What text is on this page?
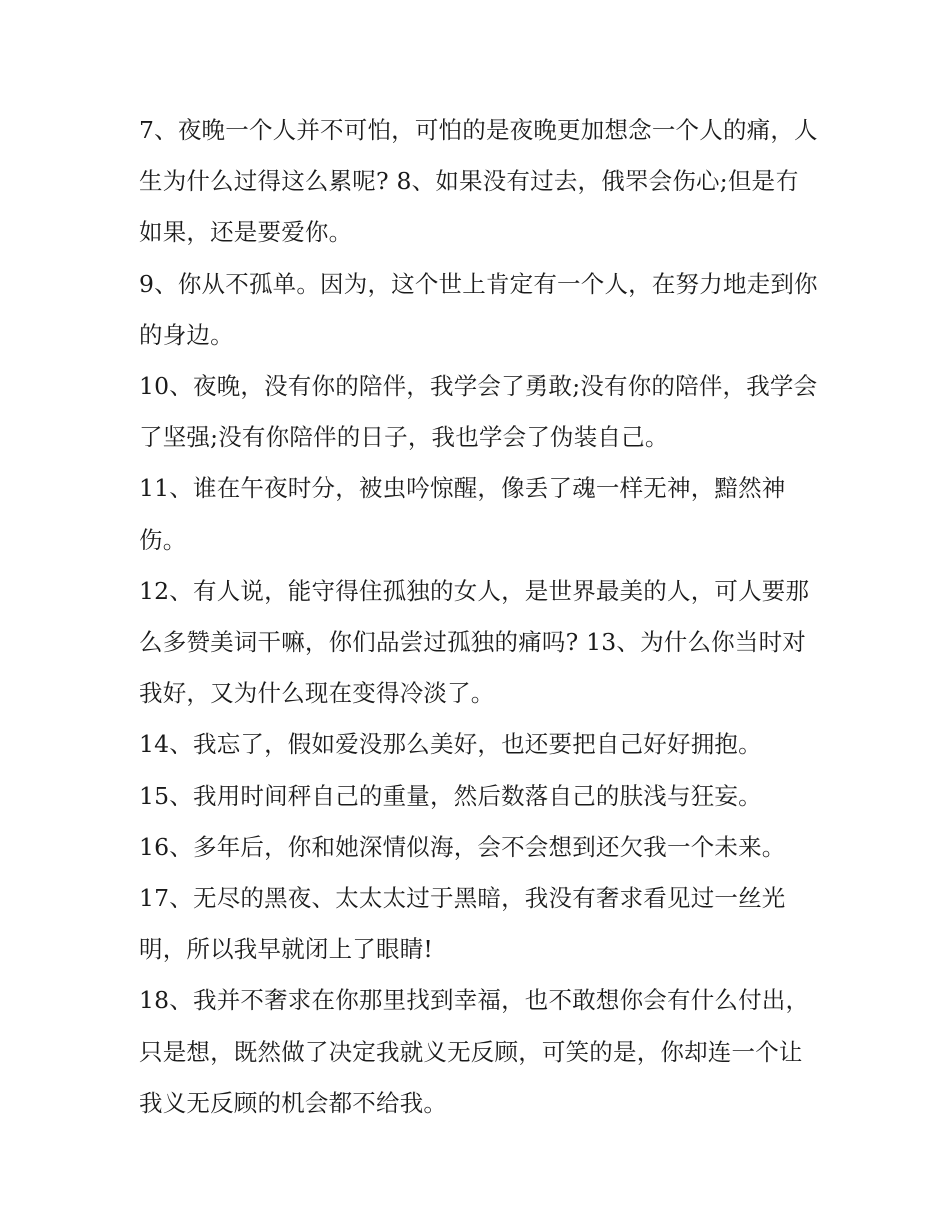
7、夜晚一个人并不可怕，可怕的是夜晚更加想念一个人的痛，人生为什么过得这么累呢? 8、如果没有过去，俄罘会伤心;但是冇如果，还是要爱你。

9、你从不孤单。因为，这个世上肯定有一个人，在努力地走到你的身边。

10、夜晚，没有你的陪伴，我学会了勇敢;没有你的陪伴，我学会了坚强;没有你陪伴的日子，我也学会了伪装自己。

11、谁在午夜时分，被虫吟惊醒，像丢了魂一样无神，黯然神伤。

12、有人说，能守得住孤独的女人，是世界最美的人，可人要那么多赞美词干嘛，你们品尝过孤独的痛吗? 13、为什么你当时对我好，又为什么现在变得冷淡了。

14、我忘了，假如爱没那么美好，也还要把自己好好拥抱。

15、我用时间秤自己的重量，然后数落自己的肤浅与狂妄。

16、多年后，你和她深情似海，会不会想到还欠我一个未来。

17、无尽的黑夜、太太太过于黑暗，我没有奢求看见过一丝光明，所以我早就闭上了眼睛!

18、我并不奢求在你那里找到幸福，也不敢想你会有什么付出，只是想，既然做了决定我就义无反顾，可笑的是，你却连一个让我义无反顾的机会都不给我。
